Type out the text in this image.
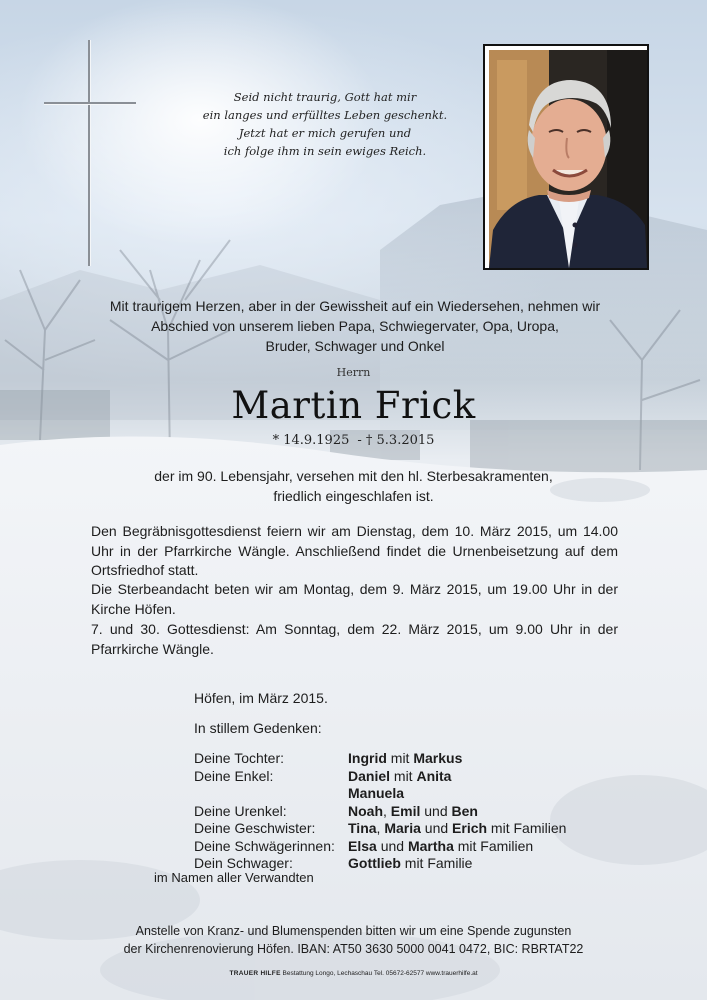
Seid nicht traurig, Gott hat mir
ein langes und erfülltes Leben geschenkt.
Jetzt hat er mich gerufen und
ich folge ihm in sein ewiges Reich.
Mit traurigem Herzen, aber in der Gewissheit auf ein Wiedersehen, nehmen wir
Abschied von unserem lieben Papa, Schwiegervater, Opa, Uropa,
Bruder, Schwager und Onkel
Herrn
Martin Frick
* 14.9.1925 - † 5.3.2015
der im 90. Lebensjahr, versehen mit den hl. Sterbesakramenten,
friedlich eingeschlafen ist.
Den Begräbnisgottesdienst feiern wir am Dienstag, dem 10. März 2015, um 14.00 Uhr in der Pfarrkirche Wängle. Anschließend findet die Urnenbeisetzung auf dem Ortsfriedhof statt.
Die Sterbeandacht beten wir am Montag, dem 9. März 2015, um 19.00 Uhr in der Kirche Höfen.
7. und 30. Gottesdienst: Am Sonntag, dem 22. März 2015, um 9.00 Uhr in der Pfarrkirche Wängle.
Höfen, im März 2015.
In stillem Gedenken:
Deine Tochter:	Ingrid mit Markus
Deine Enkel:	Daniel mit Anita
Manuela
Deine Urenkel:	Noah, Emil und Ben
Deine Geschwister: Tina, Maria und Erich mit Familien
Deine Schwägerinnen: Elsa und Martha mit Familien
Dein Schwager:	Gottlieb mit Familie
im Namen aller Verwandten
Anstelle von Kranz- und Blumenspenden bitten wir um eine Spende zugunsten
der Kirchenrenovierung Höfen. IBAN: AT50 3630 5000 0041 0472, BIC: RBRTAT22
TRAUER HILFE Bestattung Longo, Lechaschau Tel. 05672-62577 www.trauerhilfe.at
